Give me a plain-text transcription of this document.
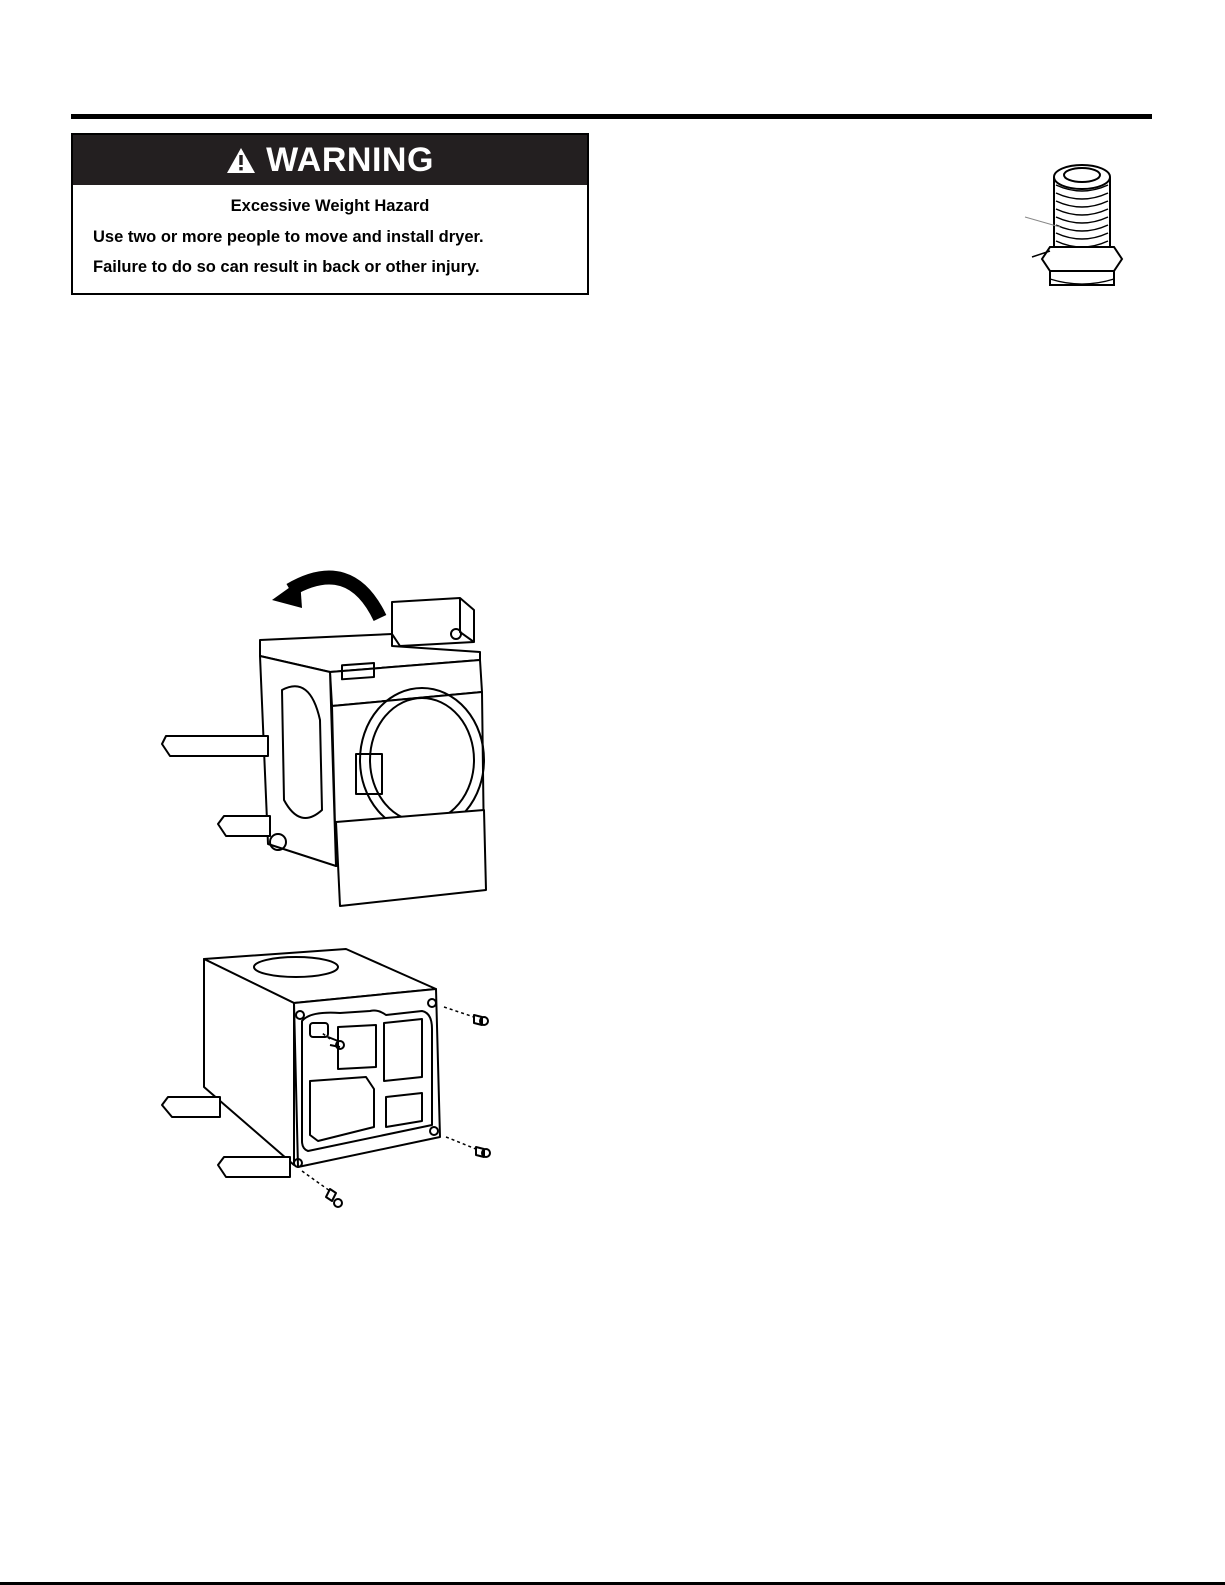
WARNING
Excessive Weight Hazard
Use two or more people to move and install dryer.
Failure to do so can result in back or other injury.
